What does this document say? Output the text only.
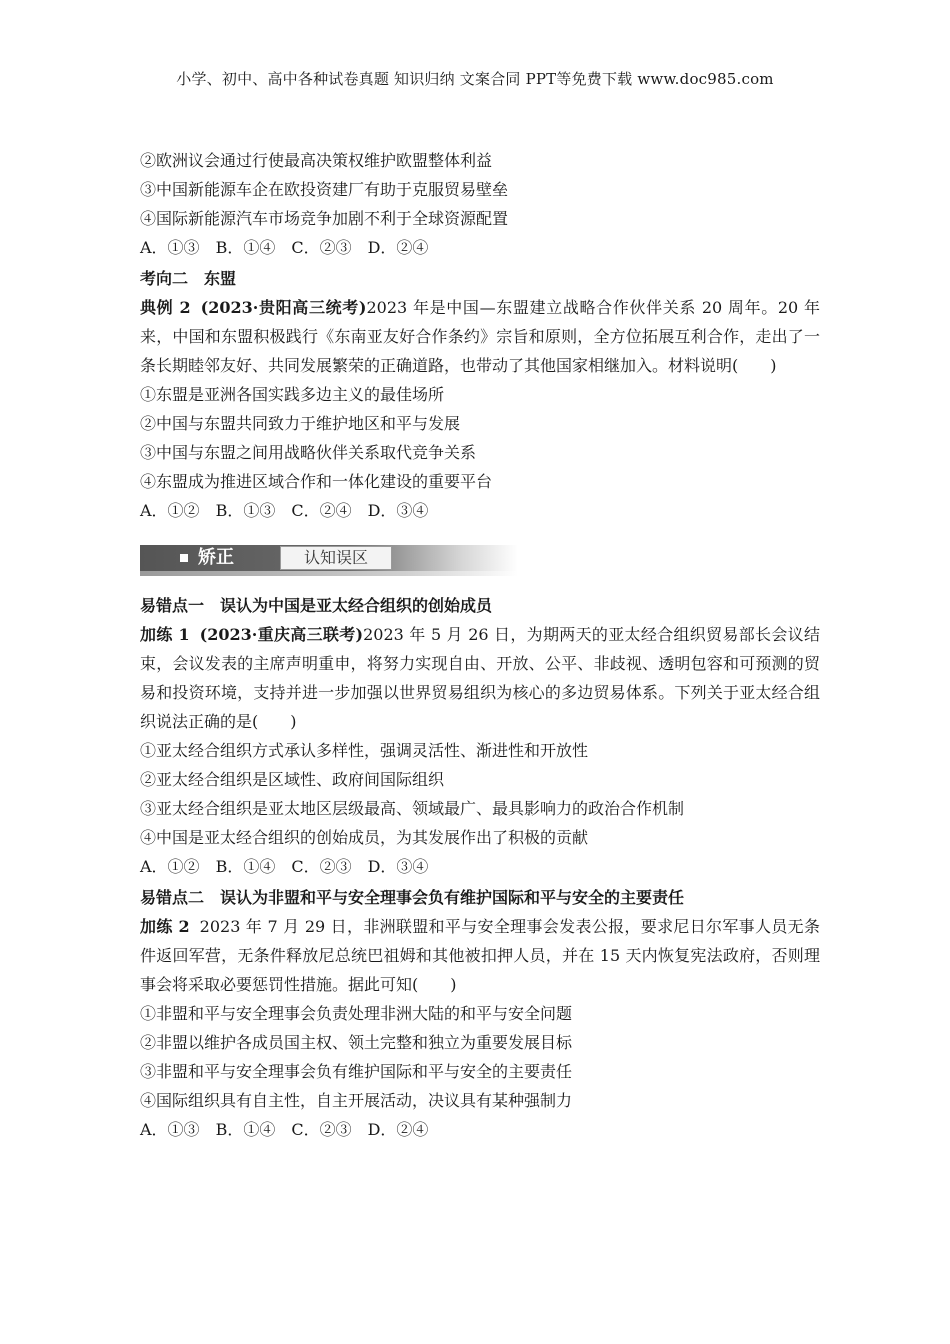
小学、初中、高中各种试卷真题 知识归纳 文案合同 PPT等免费下载 www.doc985.com
②欧洲议会通过行使最高决策权维护欧盟整体利益
③中国新能源车企在欧投资建厂有助于克服贸易壁垒
④国际新能源汽车市场竞争加剧不利于全球资源配置
A．①③ B．①④ C．②③ D．②④
考向二　东盟
典例 2 (2023·贵阳高三统考)2023 年是中国—东盟建立战略合作伙伴关系 20 周年。20 年来，中国和东盟积极践行《东南亚友好合作条约》宗旨和原则，全方位拓展互利合作，走出了一条长期睦邻友好、共同发展繁荣的正确道路，也带动了其他国家相继加入。材料说明(　　)
①东盟是亚洲各国实践多边主义的最佳场所
②中国与东盟共同致力于维护地区和平与发展
③中国与东盟之间用战略伙伴关系取代竞争关系
④东盟成为推进区域合作和一体化建设的重要平台
A．①② B．①③ C．②④ D．③④
矫正	认知误区
易错点一　误认为中国是亚太经合组织的创始成员
加练 1 (2023·重庆高三联考)2023 年 5 月 26 日，为期两天的亚太经合组织贸易部长会议结束，会议发表的主席声明重申，将努力实现自由、开放、公平、非歧视、透明包容和可预测的贸易和投资环境，支持并进一步加强以世界贸易组织为核心的多边贸易体系。下列关于亚太经合组织说法正确的是(　　)
①亚太经合组织方式承认多样性，强调灵活性、渐进性和开放性
②亚太经合组织是区域性、政府间国际组织
③亚太经合组织是亚太地区层级最高、领域最广、最具影响力的政治合作机制
④中国是亚太经合组织的创始成员，为其发展作出了积极的贡献
A．①② B．①④ C．②③ D．③④
易错点二　误认为非盟和平与安全理事会负有维护国际和平与安全的主要责任
加练 2 2023 年 7 月 29 日，非洲联盟和平与安全理事会发表公报，要求尼日尔军事人员无条件返回军营，无条件释放尼总统巴祖姆和其他被扣押人员，并在 15 天内恢复宪法政府，否则理事会将采取必要惩罚性措施。据此可知(　　)
①非盟和平与安全理事会负责处理非洲大陆的和平与安全问题
②非盟以维护各成员国主权、领土完整和独立为重要发展目标
③非盟和平与安全理事会负有维护国际和平与安全的主要责任
④国际组织具有自主性，自主开展活动，决议具有某种强制力
A．①③ B．①④ C．②③ D．②④
